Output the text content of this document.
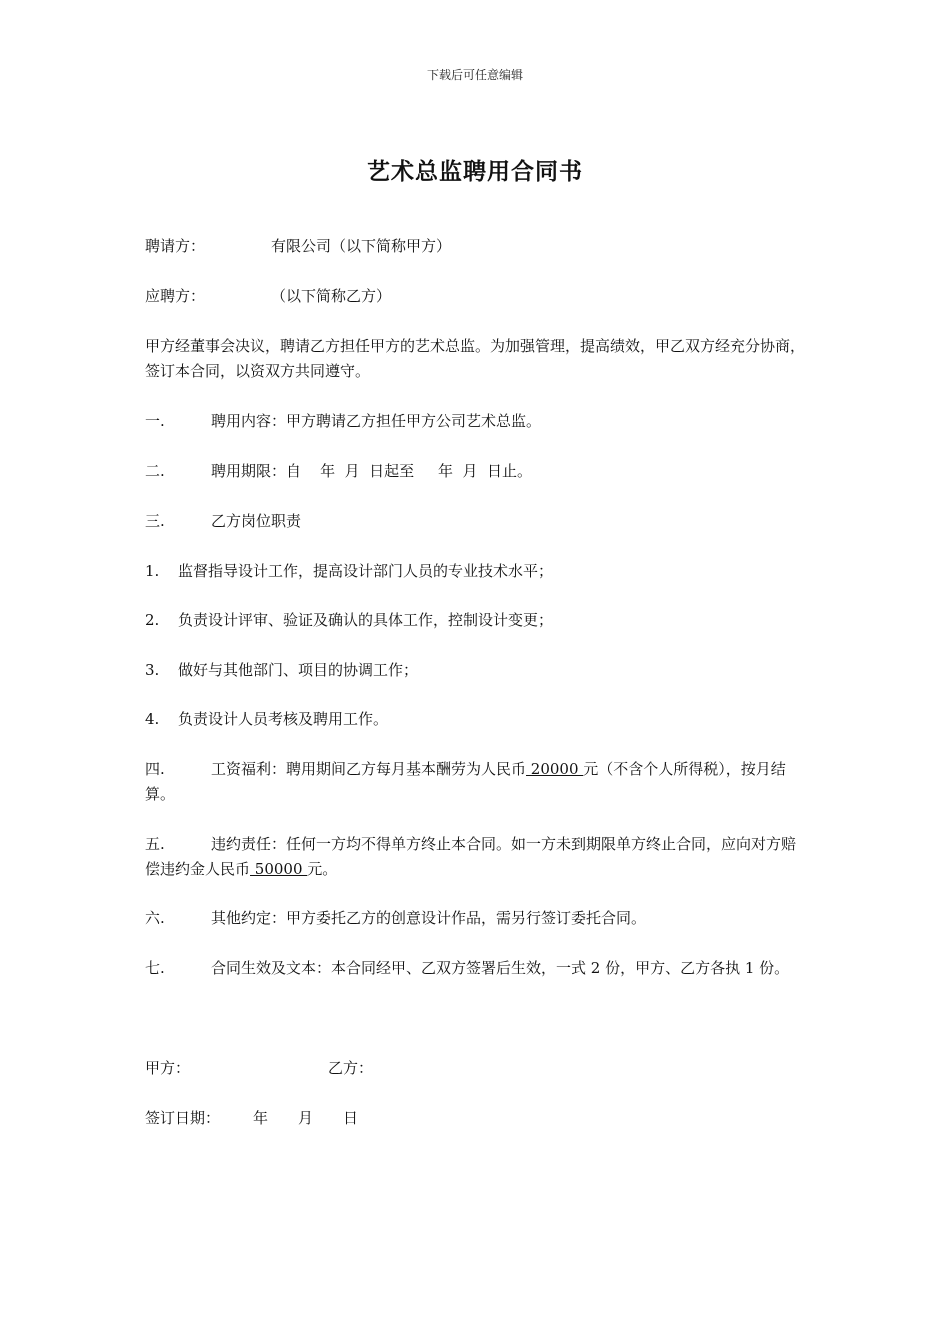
下载后可任意编辑
艺术总监聘用合同书
聘请方：	有限公司（以下简称甲方）
应聘方：	（以下简称乙方）
甲方经董事会决议，聘请乙方担任甲方的艺术总监。为加强管理，提高绩效，甲乙双方经充分协商，签订本合同，以资双方共同遵守。
一.	聘用内容：甲方聘请乙方担任甲方公司艺术总监。
二.	聘用期限：自    年  月  日起至     年  月  日止。
三.	乙方岗位职责
1. 监督指导设计工作，提高设计部门人员的专业技术水平；
2. 负责设计评审、验证及确认的具体工作，控制设计变更；
3. 做好与其他部门、项目的协调工作；
4. 负责设计人员考核及聘用工作。
四.	工资福利：聘用期间乙方每月基本酬劳为人民币 20000 元（不含个人所得税），按月结算。
五.	违约责任：任何一方均不得单方终止本合同。如一方未到期限单方终止合同，应向对方赔偿违约金人民币 50000 元。
六.	其他约定：甲方委托乙方的创意设计作品，需另行签订委托合同。
七.	合同生效及文本：本合同经甲、乙双方签署后生效，一式 2 份，甲方、乙方各执 1 份。
甲方：	乙方：
签订日期： 年 月 日
